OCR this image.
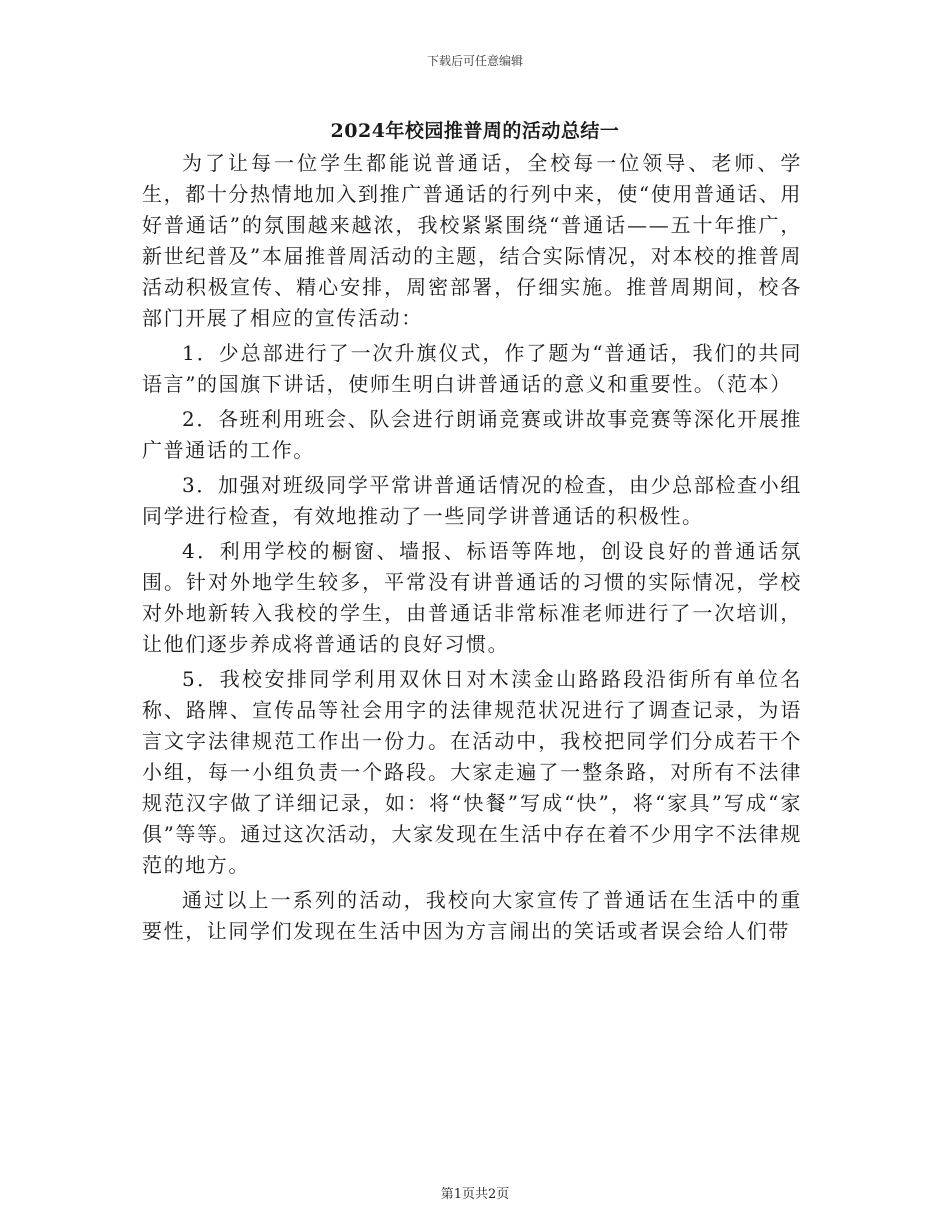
下载后可任意编辑
2024年校园推普周的活动总结一

为了让每一位学生都能说普通话，全校每一位领导、老师、学生，都十分热情地加入到推广普通话的行列中来，使“使用普通话、用好普通话”的氛围越来越浓，我校紧紧围绕“普通话——五十年推广，新世纪普及”本届推普周活动的主题，结合实际情况，对本校的推普周活动积极宣传、精心安排，周密部署，仔细实施。推普周期间，校各部门开展了相应的宣传活动：

1．少总部进行了一次升旗仪式，作了题为“普通话，我们的共同语言”的国旗下讲话，使师生明白讲普通话的意义和重要性。（范本）

2．各班利用班会、队会进行朗诵竞赛或讲故事竞赛等深化开展推广普通话的工作。

3．加强对班级同学平常讲普通话情况的检查，由少总部检查小组同学进行检查，有效地推动了一些同学讲普通话的积极性。

4．利用学校的橱窗、墙报、标语等阵地，创设良好的普通话氛围。针对外地学生较多，平常没有讲普通话的习惯的实际情况，学校对外地新转入我校的学生，由普通话非常标准老师进行了一次培训，让他们逐步养成将普通话的良好习惯。

5．我校安排同学利用双休日对木渎金山路路段沿街所有单位名称、路牌、宣传品等社会用字的法律规范状况进行了调查记录，为语言文字法律规范工作出一份力。在活动中，我校把同学们分成若干个小组，每一小组负责一个路段。大家走遍了一整条路，对所有不法律规范汉字做了详细记录，如：将“快餐”写成“快”，将“家具”写成“家俱”等等。通过这次活动，大家发现在生活中存在着不少用字不法律规范的地方。

通过以上一系列的活动，我校向大家宣传了普通话在生活中的重要性，让同学们发现在生活中因为方言闹出的笑话或者误会给人们带

第1页共2页
